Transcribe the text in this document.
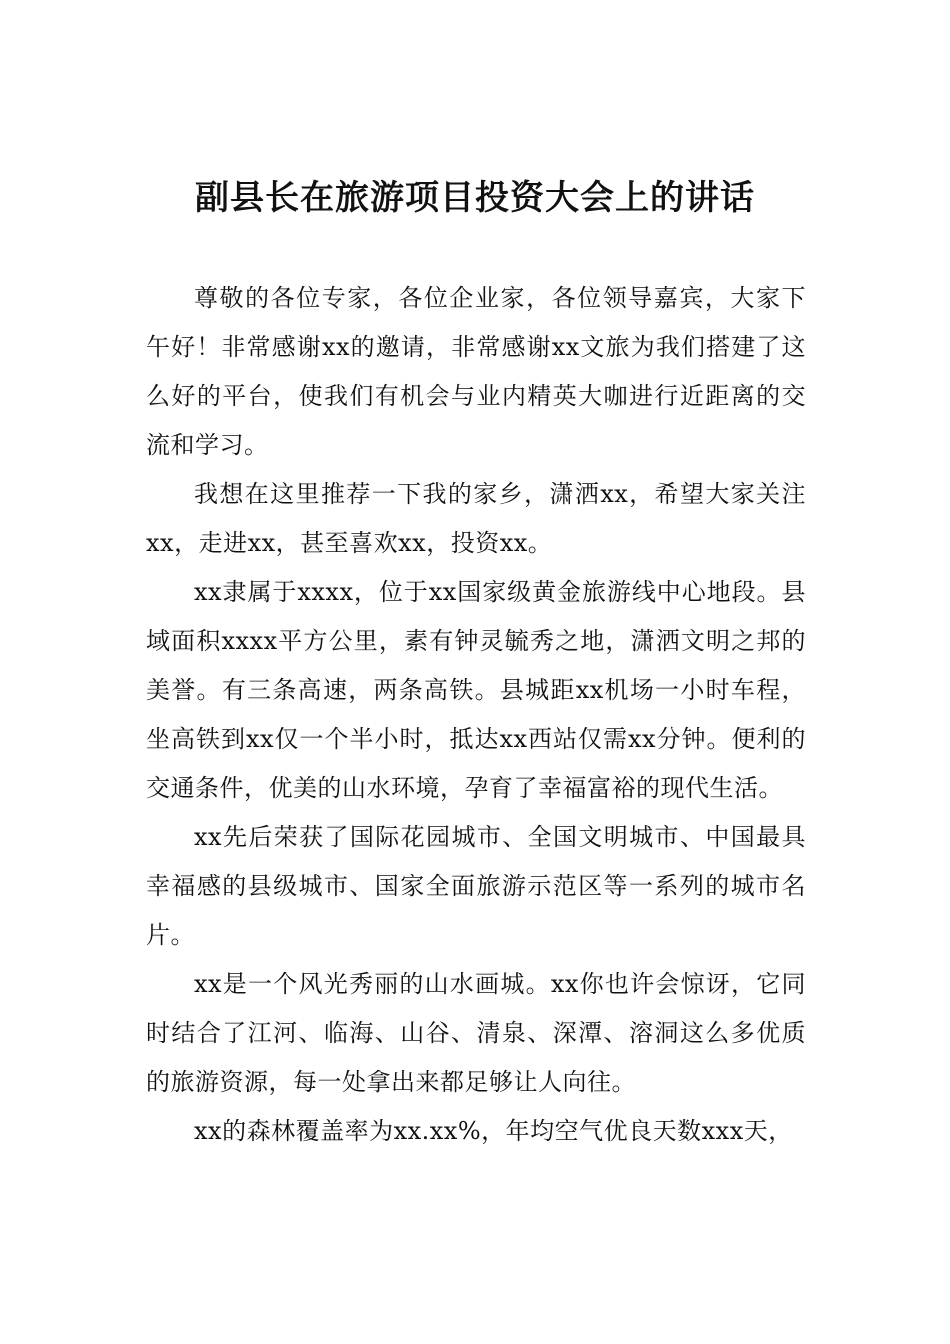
副县长在旅游项目投资大会上的讲话

尊敬的各位专家，各位企业家，各位领导嘉宾，大家下午好！非常感谢xx的邀请，非常感谢xx文旅为我们搭建了这么好的平台，使我们有机会与业内精英大咖进行近距离的交流和学习。

我想在这里推荐一下我的家乡，潇洒xx，希望大家关注xx，走进xx，甚至喜欢xx，投资xx。

xx隶属于xxxx，位于xx国家级黄金旅游线中心地段。县域面积xxxx平方公里，素有钟灵毓秀之地，潇洒文明之邦的美誉。有三条高速，两条高铁。县城距xx机场一小时车程，坐高铁到xx仅一个半小时，抵达xx西站仅需xx分钟。便利的交通条件，优美的山水环境，孕育了幸福富裕的现代生活。

xx先后荣获了国际花园城市、全国文明城市、中国最具幸福感的县级城市、国家全面旅游示范区等一系列的城市名片。

xx是一个风光秀丽的山水画城。xx你也许会惊讶，它同时结合了江河、临海、山谷、清泉、深潭、溶洞这么多优质的旅游资源，每一处拿出来都足够让人向往。

xx的森林覆盖率为xx.xx%，年均空气优良天数xxx天，
